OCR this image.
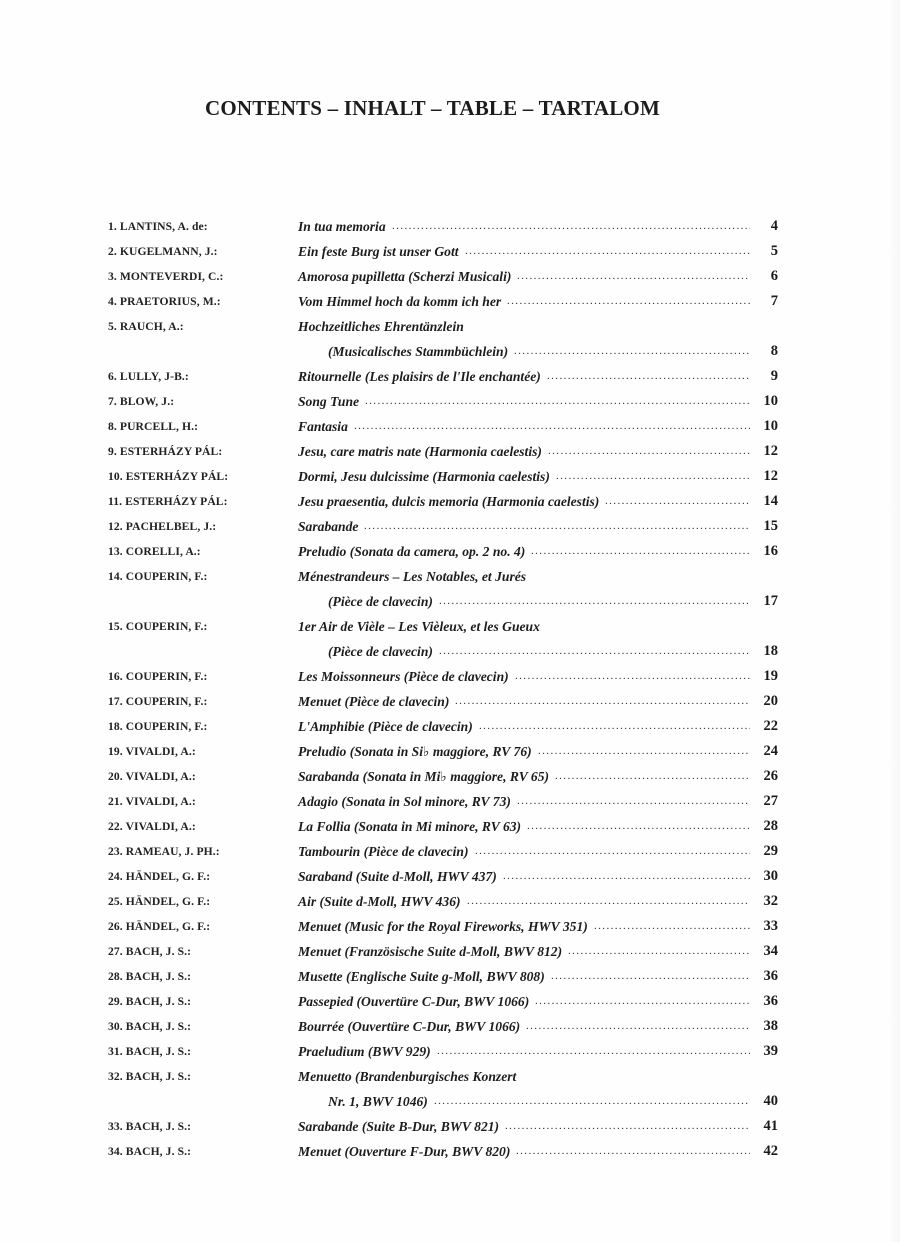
CONTENTS – INHALT – TABLE – TARTALOM
1. LANTINS, A. de:	In tua memoria .....	4
2. KUGELMANN, J.:	Ein feste Burg ist unser Gott .....	5
3. MONTEVERDI, C.:	Amorosa pupilletta (Scherzi Musicali) .....	6
4. PRAETORIUS, M.:	Vom Himmel hoch da komm ich her .....	7
5. RAUCH, A.:	Hochzeitliches Ehrentänzlein
(Musicalisches Stammbüchlein) .....	8
6. LULLY, J-B.:	Ritournelle (Les plaisirs de l'Ile enchantée) .....	9
7. BLOW, J.:	Song Tune .....	10
8. PURCELL, H.:	Fantasia .....	10
9. ESTERHÁZY PÁL:	Jesu, care matris nate (Harmonia caelestis) .....	12
10. ESTERHÁZY PÁL:	Dormi, Jesu dulcissime (Harmonia caelestis) .....	12
11. ESTERHÁZY PÁL:	Jesu praesentia, dulcis memoria (Harmonia caelestis) .....	14
12. PACHELBEL, J.:	Sarabande .....	15
13. CORELLI, A.:	Preludio (Sonata da camera, op. 2 no. 4) .....	16
14. COUPERIN, F.:	Ménestrandeurs – Les Notables, et Jurés
(Pièce de clavecin) .....	17
15. COUPERIN, F.:	1er Air de Vièle – Les Vièleux, et les Gueux
(Pièce de clavecin) .....	18
16. COUPERIN, F.:	Les Moissonneurs (Pièce de clavecin) .....	19
17. COUPERIN, F.:	Menuet (Pièce de clavecin) .....	20
18. COUPERIN, F.:	L'Amphibie (Pièce de clavecin) .....	22
19. VIVALDI, A.:	Preludio (Sonata in Si♭ maggiore, RV 76) .....	24
20. VIVALDI, A.:	Sarabanda (Sonata in Mi♭ maggiore, RV 65) .....	26
21. VIVALDI, A.:	Adagio (Sonata in Sol minore, RV 73) .....	27
22. VIVALDI, A.:	La Follia (Sonata in Mi minore, RV 63) .....	28
23. RAMEAU, J. PH.:	Tambourin (Pièce de clavecin) .....	29
24. HÄNDEL, G. F.:	Saraband (Suite d-Moll, HWV 437) .....	30
25. HÄNDEL, G. F.:	Air (Suite d-Moll, HWV 436) .....	32
26. HÄNDEL, G. F.:	Menuet (Music for the Royal Fireworks, HWV 351) .....	33
27. BACH, J. S.:	Menuet (Französische Suite d-Moll, BWV 812) .....	34
28. BACH, J. S.:	Musette (Englische Suite g-Moll, BWV 808) .....	36
29. BACH, J. S.:	Passepied (Ouvertüre C-Dur, BWV 1066) .....	36
30. BACH, J. S.:	Bourrée (Ouvertüre C-Dur, BWV 1066) .....	38
31. BACH, J. S.:	Praeludium (BWV 929) .....	39
32. BACH, J. S.:	Menuetto (Brandenburgisches Konzert
Nr. 1, BWV 1046) .....	40
33. BACH, J. S.:	Sarabande (Suite B-Dur, BWV 821) .....	41
34. BACH, J. S.:	Menuet (Ouverture F-Dur, BWV 820) .....	42
